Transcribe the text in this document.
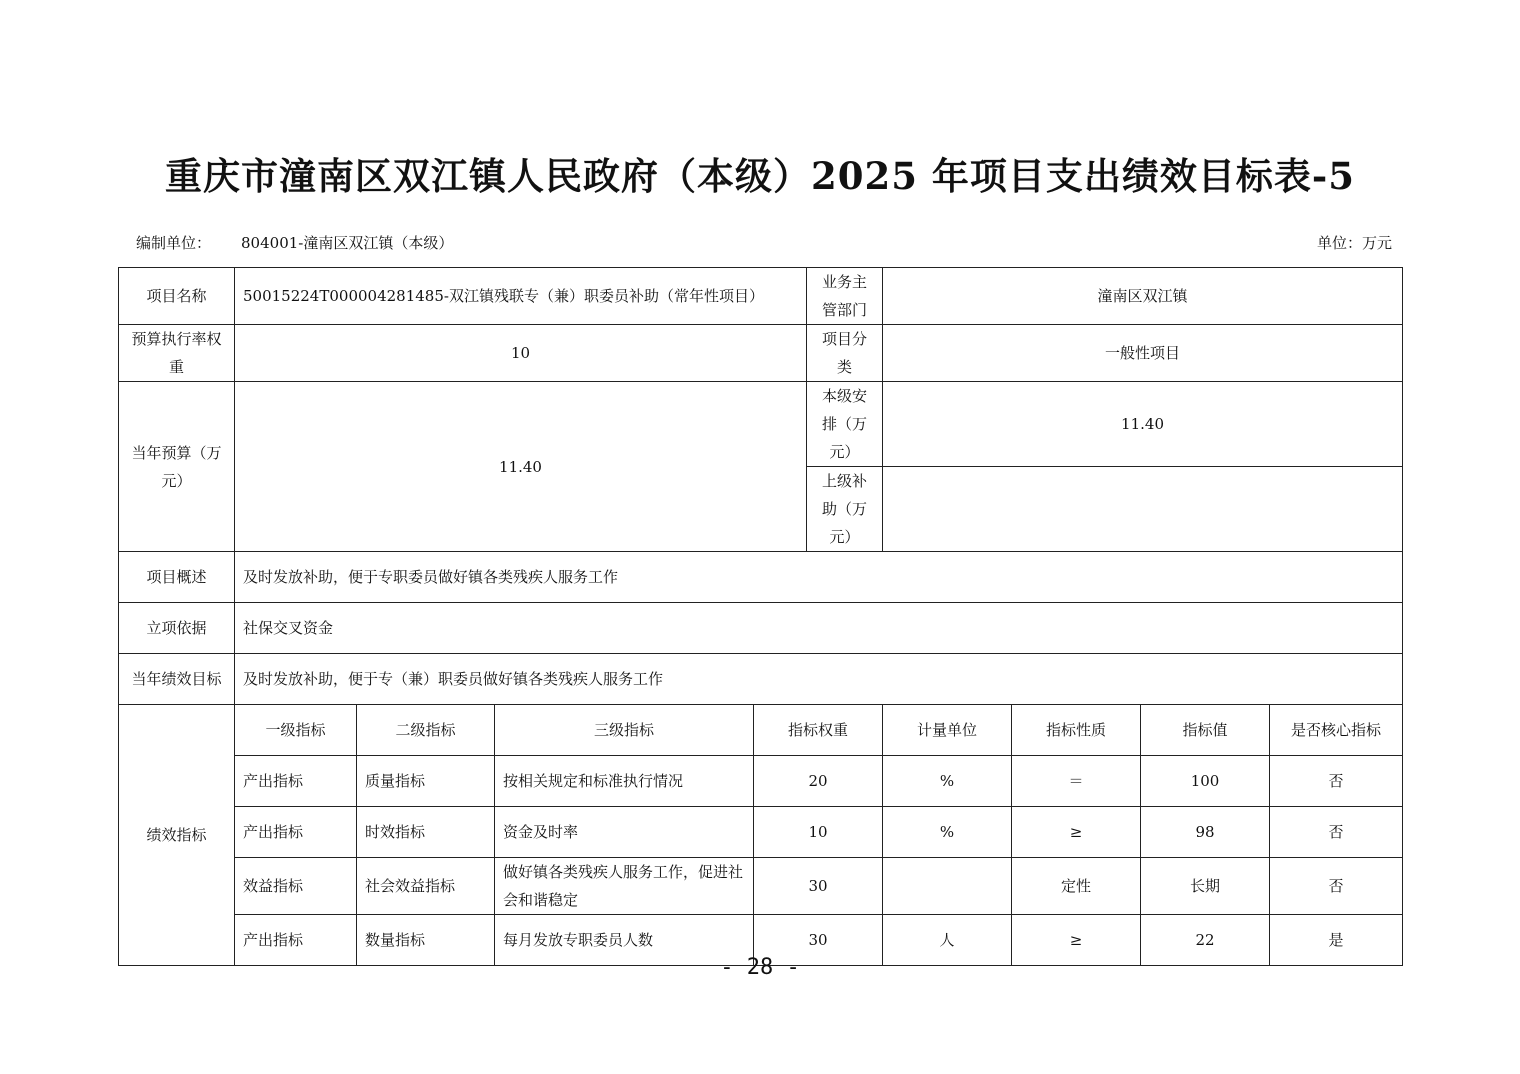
重庆市潼南区双江镇人民政府（本级）2025 年项目支出绩效目标表-5
编制单位： 804001-潼南区双江镇（本级）	单位：万元
项目名称	50015224T000004281485-双江镇残联专（兼）职委员补助（常年性项目）				业务主管部门	潼南区双江镇			
预算执行率权重	10				项目分类	一般性项目			
当年预算（万元）	11.40				本级安排（万元）	11.40			
					上级补助（万元）				
项目概述	及时发放补助，便于专职委员做好镇各类残疾人服务工作								
立项依据	社保交叉资金								
当年绩效目标	及时发放补助，便于专（兼）职委员做好镇各类残疾人服务工作								
绩效指标	一级指标	二级指标	三级指标	指标权重		计量单位	指标性质	指标值	是否核心指标
	产出指标	质量指标	按相关规定和标准执行情况	20		%	＝	100	否
	产出指标	时效指标	资金及时率	10		%	≥	98	否
	效益指标	社会效益指标	做好镇各类残疾人服务工作，促进社会和谐稳定	30			定性	长期	否
	产出指标	数量指标	每月发放专职委员人数	30		人	≥	22	是
- 28 -
